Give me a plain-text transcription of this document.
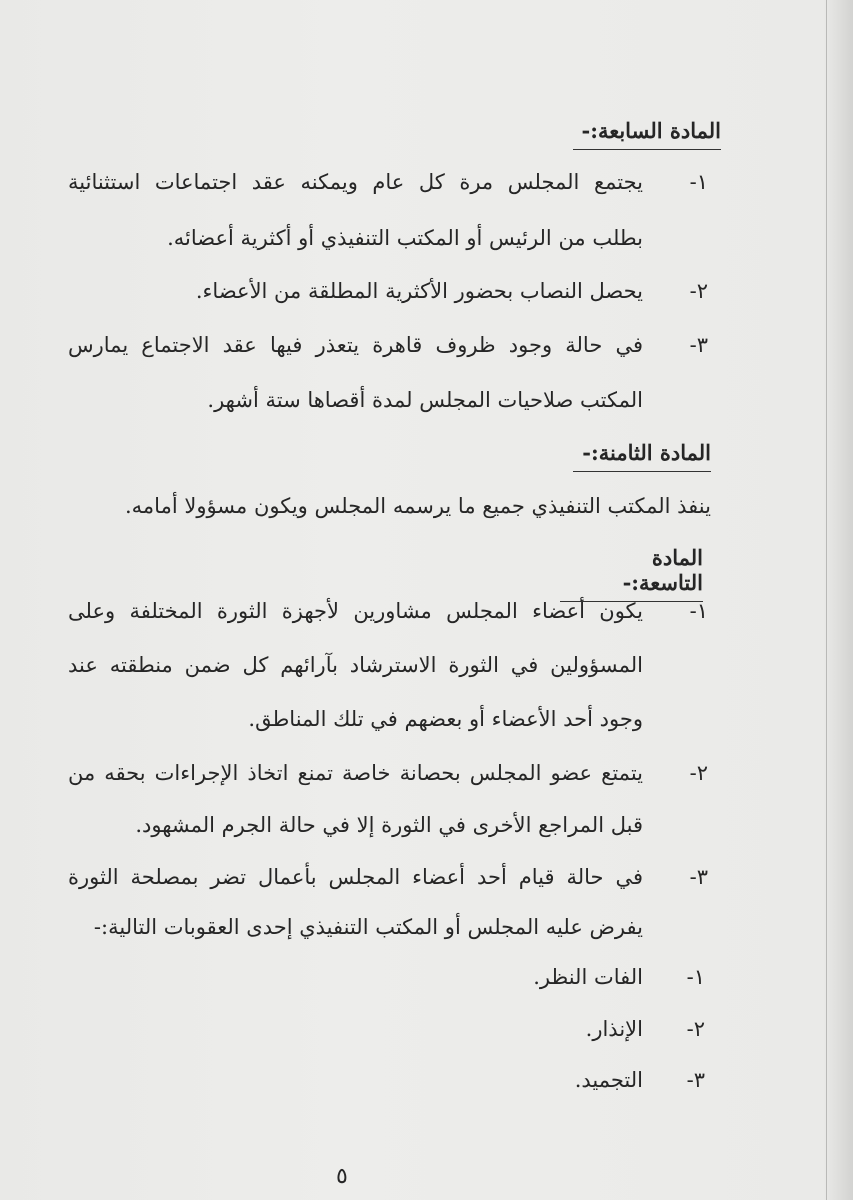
المادة السابعة:-
١-
يجتمع المجلس مرة كل عام ويمكنه عقد اجتماعات استثنائية
بطلب من الرئيس أو المكتب التنفيذي أو أكثرية أعضائه.
٢-
يحصل النصاب بحضور الأكثرية المطلقة من الأعضاء.
٣-
في حالة وجود ظروف قاهرة يتعذر فيها عقد الاجتماع يمارس
المكتب صلاحيات المجلس لمدة أقصاها ستة أشهر.
المادة الثامنة:-
ينفذ المكتب التنفيذي جميع ما يرسمه المجلس ويكون مسؤولا أمامه.
المادة التاسعة:-
١-
يكون أعضاء المجلس مشاورين لأجهزة الثورة المختلفة وعلى
المسؤولين في الثورة الاسترشاد بآرائهم كل ضمن منطقته عند
وجود أحد الأعضاء أو بعضهم في تلك المناطق.
٢-
يتمتع عضو المجلس بحصانة خاصة تمنع اتخاذ الإجراءات بحقه من
قبل المراجع الأخرى في الثورة إلا في حالة الجرم المشهود.
٣-
في حالة قيام أحد أعضاء المجلس بأعمال تضر بمصلحة الثورة
يفرض عليه المجلس أو المكتب التنفيذي إحدى العقوبات التالية:-
١-
الفات النظر.
٢-
الإنذار.
٣-
التجميد.
٥
